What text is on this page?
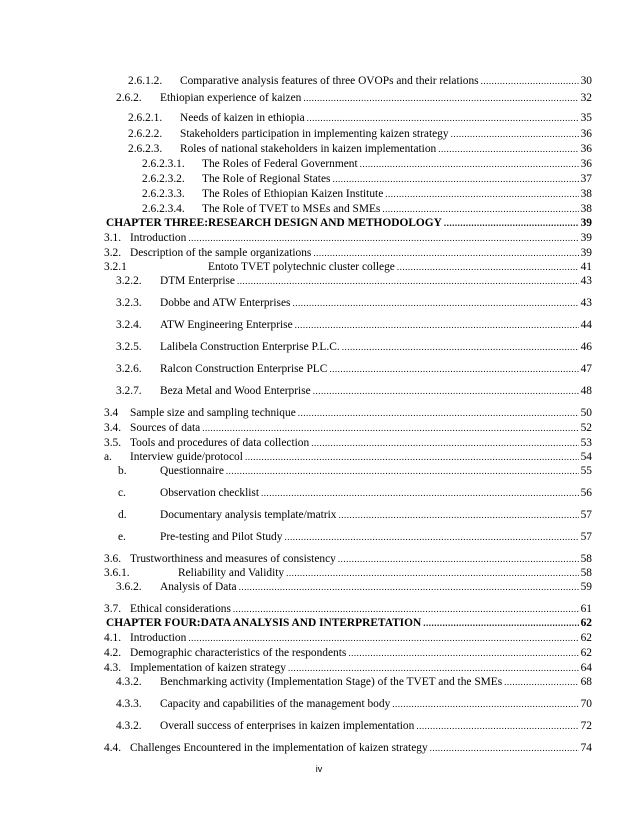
2.6.1.2.	Comparative analysis features of three OVOPs and their relations .....	30
2.6.2.	Ethiopian experience of kaizen .....	32
2.6.2.1.	Needs of kaizen in ethiopia .....	35
2.6.2.2.	Stakeholders participation in implementing kaizen strategy .....	36
2.6.2.3.	Roles of national stakeholders in kaizen implementation .....	36
2.6.2.3.1.	The Roles of Federal Government .....	36
2.6.2.3.2.	The Role of Regional States .....	37
2.6.2.3.3.	The Roles of Ethiopian Kaizen Institute .....	38
2.6.2.3.4.	The Role of TVET to MSEs and SMEs .....	38
CHAPTER THREE:RESEARCH DESIGN AND METHODOLOGY .....	39
3.1. Introduction .....	39
3.2. Description of the sample organizations .....	39
3.2.1	Entoto TVET polytechnic cluster college .....	41
3.2.2.	DTM Enterprise .....	43
3.2.3.	Dobbe and ATW Enterprises .....	43
3.2.4.	ATW Engineering Enterprise .....	44
3.2.5.	Lalibela Construction Enterprise P.L.C. .....	46
3.2.6.	Ralcon Construction Enterprise PLC .....	47
3.2.7.	Beza Metal and Wood Enterprise .....	48
3.4	Sample size and sampling technique .....	50
3.4. Sources of data .....	52
3.5. Tools and procedures of data collection .....	53
a.	Interview guide/protocol .....	54
b.	Questionnaire .....	55
c.	Observation checklist .....	56
d.	Documentary analysis template/matrix .....	57
e.	Pre-testing and Pilot Study .....	57
3.6. Trustworthiness and measures of consistency .....	58
3.6.1.	Reliability and Validity .....	58
3.6.2.	Analysis of Data .....	59
3.7. Ethical considerations .....	61
CHAPTER FOUR:DATA ANALYSIS AND INTERPRETATION .....	62
4.1. Introduction .....	62
4.2. Demographic characteristics of the respondents .....	62
4.3. Implementation of kaizen strategy .....	64
4.3.2.	Benchmarking activity (Implementation Stage) of the TVET and the SMEs .....	68
4.3.3.	Capacity and capabilities of the management body .....	70
4.3.2.	Overall success of enterprises in kaizen implementation .....	72
4.4. Challenges Encountered in the implementation of kaizen strategy .....	74
iv
